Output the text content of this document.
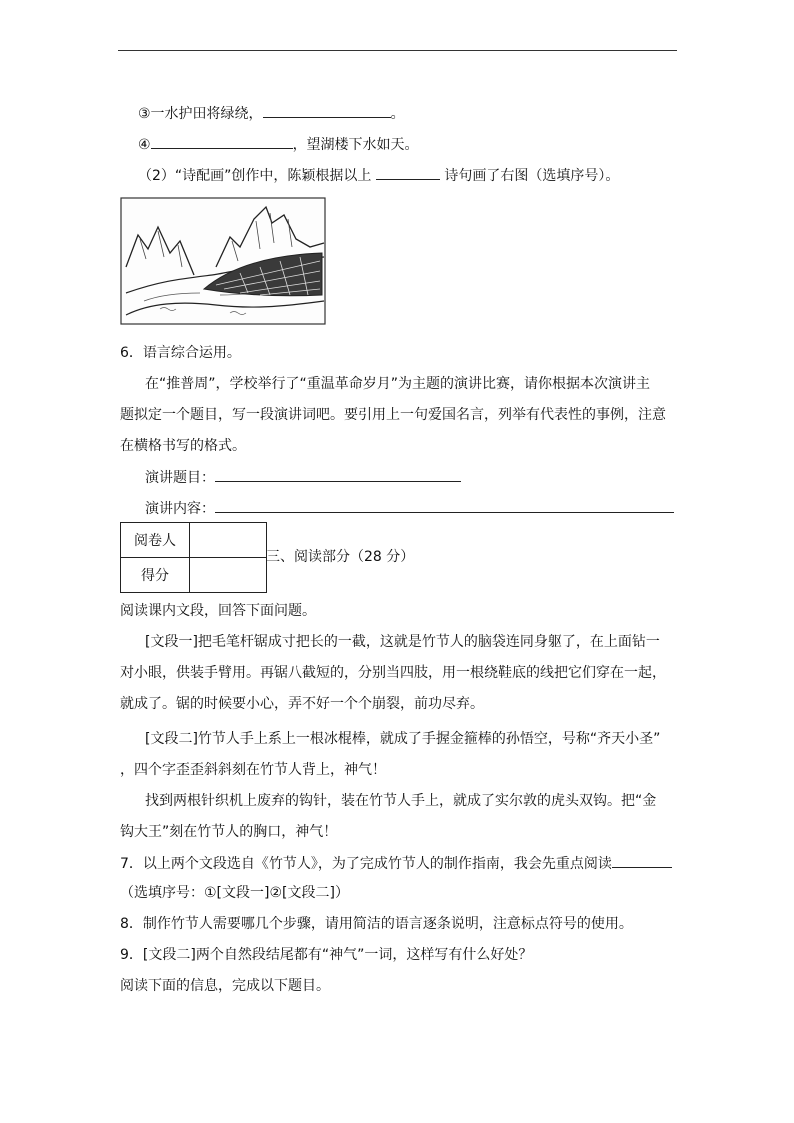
③一水护田将绿绕，	。
④	，望湖楼下水如天。
（2）“诗配画”创作中，陈颖根据以上	诗句画了右图（选填序号）。
6．语言综合运用。
在“推普周”，学校举行了“重温革命岁月”为主题的演讲比赛，请你根据本次演讲主
题拟定一个题目，写一段演讲词吧。要引用上一句爱国名言，列举有代表性的事例，注意
在横格书写的格式。
演讲题目：
演讲内容：
阅卷人	
得分	
三、阅读部分（28 分）
阅读课内文段，回答下面问题。
[文段一]把毛笔杆锯成寸把长的一截，这就是竹节人的脑袋连同身躯了，在上面钻一
对小眼，供装手臂用。再锯八截短的，分别当四肢，用一根绕鞋底的线把它们穿在一起，
就成了。锯的时候要小心，弄不好一个个崩裂，前功尽弃。
[文段二]竹节人手上系上一根冰棍棒，就成了手握金箍棒的孙悟空，号称“齐天小圣”
，四个字歪歪斜斜刻在竹节人背上，神气！
找到两根针织机上废弃的钩针，装在竹节人手上，就成了实尔敦的虎头双钩。把“金
钩大王”刻在竹节人的胸口，神气！
7．以上两个文段选自《竹节人》，为了完成竹节人的制作指南，我会先重点阅读
（选填序号：①[文段一]②[文段二]）
8．制作竹节人需要哪几个步骤，请用简洁的语言逐条说明，注意标点符号的使用。
9．[文段二]两个自然段结尾都有“神气”一词，这样写有什么好处？
阅读下面的信息，完成以下题目。
